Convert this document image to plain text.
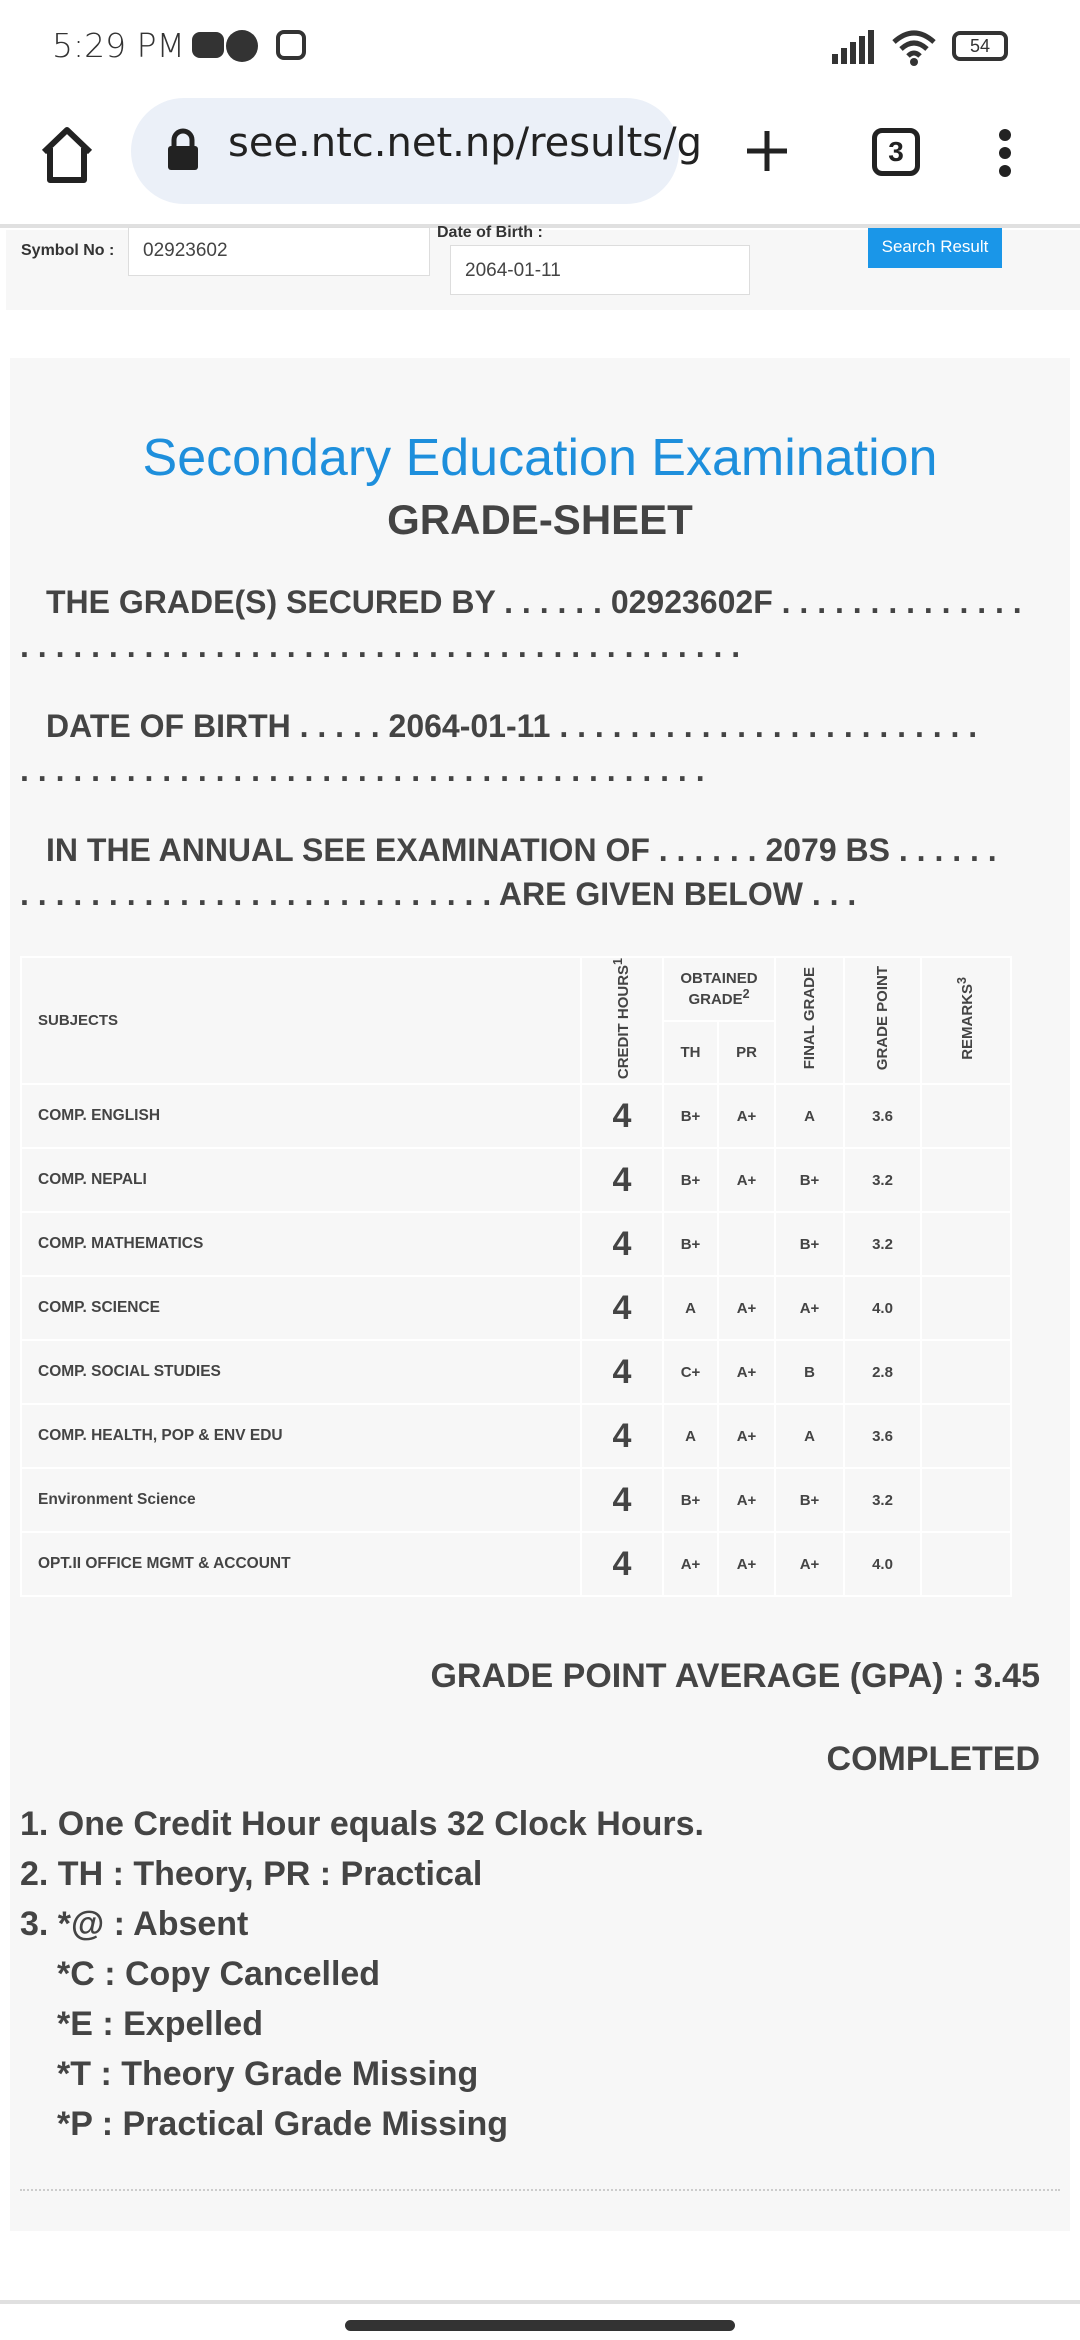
5:29 PM	54
see.ntc.net.np/results/g	3
Symbol No :	02923602
Date of Birth :
2064-01-11
Search Result
Secondary Education Examination
GRADE-SHEET
THE GRADE(S) SECURED BY . . . . . . 02923602F . . . . . . . . . . . . . .
. . . . . . . . . . . . . . . . . . . . . . . . . . . . . . . . . . . . . . . . .
DATE OF BIRTH . . . . . 2064-01-11 . . . . . . . . . . . . . . . . . . . . . . . .
. . . . . . . . . . . . . . . . . . . . . . . . . . . . . . . . . . . . . . .
IN THE ANNUAL SEE EXAMINATION OF . . . . . . 2079 BS . . . . . .
. . . . . . . . . . . . . . . . . . . . . . . . . . . ARE GIVEN BELOW . . .
SUBJECTS	CREDIT HOURS$^1$	OBTAINED GRADE$^2$		FINAL GRADE	GRADE POINT	REMARKS$^3$
		TH	PR			
COMP. ENGLISH	4	B+	A+	A	3.6	
COMP. NEPALI	4	B+	A+	B+	3.2	
COMP. MATHEMATICS	4	B+		B+	3.2	
COMP. SCIENCE	4	A	A+	A+	4.0	
COMP. SOCIAL STUDIES	4	C+	A+	B	2.8	
COMP. HEALTH, POP & ENV EDU	4	A	A+	A	3.6	
Environment Science	4	B+	A+	B+	3.2	
OPT.II OFFICE MGMT & ACCOUNT	4	A+	A+	A+	4.0	
GRADE POINT AVERAGE (GPA) : 3.45
COMPLETED
1. One Credit Hour equals 32 Clock Hours.
2. TH : Theory, PR : Practical
3. *@ : Absent
*C : Copy Cancelled
*E : Expelled
*T : Theory Grade Missing
*P : Practical Grade Missing
